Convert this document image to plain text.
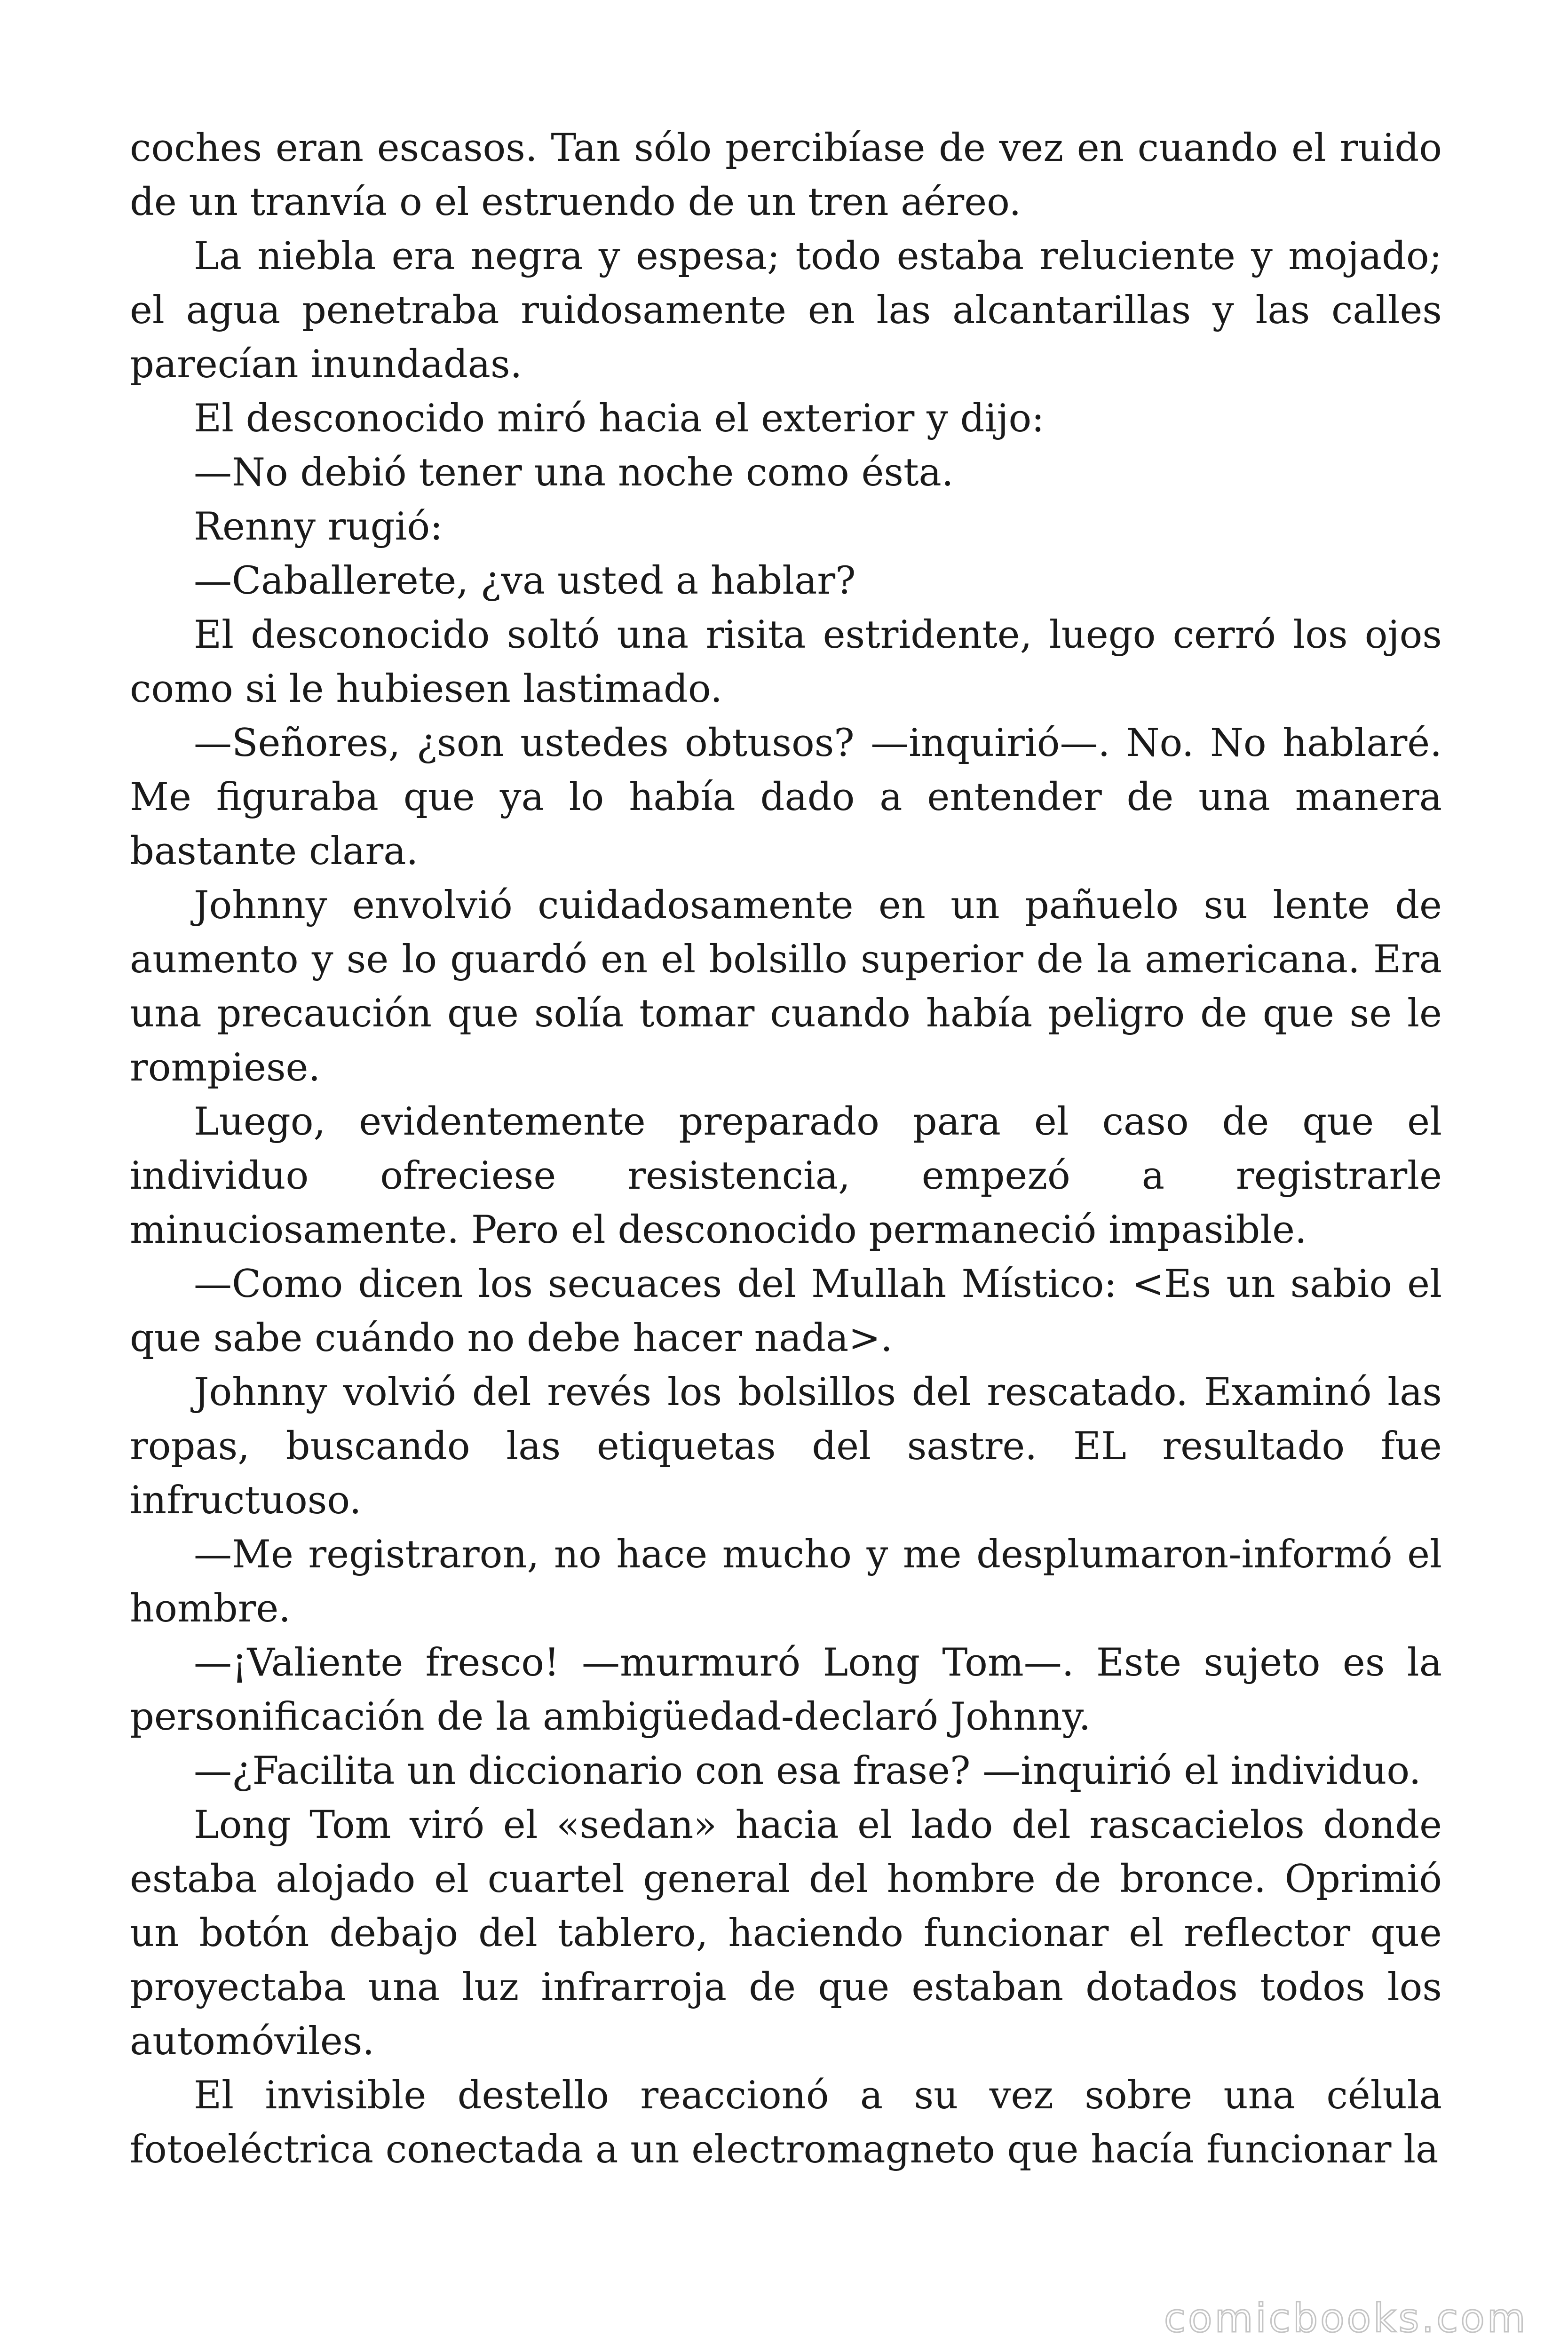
coches eran escasos. Tan sólo percibíase de vez en cuando el ruido de un tranvía o el estruendo de un tren aéreo.

La niebla era negra y espesa; todo estaba reluciente y mojado; el agua penetraba ruidosamente en las alcantarillas y las calles parecían inundadas.

El desconocido miró hacia el exterior y dijo:

—No debió tener una noche como ésta.

Renny rugió:

—Caballerete, ¿va usted a hablar?

El desconocido soltó una risita estridente, luego cerró los ojos como si le hubiesen lastimado.

—Señores, ¿son ustedes obtusos? —inquirió—. No. No hablaré. Me figuraba que ya lo había dado a entender de una manera bastante clara.

Johnny envolvió cuidadosamente en un pañuelo su lente de aumento y se lo guardó en el bolsillo superior de la americana. Era una precaución que solía tomar cuando había peligro de que se le rompiese.

Luego, evidentemente preparado para el caso de que el individuo ofreciese resistencia, empezó a registrarle minuciosamente. Pero el desconocido permaneció impasible.

—Como dicen los secuaces del Mullah Místico: <Es un sabio el que sabe cuándo no debe hacer nada>.

Johnny volvió del revés los bolsillos del rescatado. Examinó las ropas, buscando las etiquetas del sastre. EL resultado fue infructuoso.

—Me registraron, no hace mucho y me desplumaron-informó el hombre.

—¡Valiente fresco! —murmuró Long Tom—. Este sujeto es la personificación de la ambigüedad-declaró Johnny.

—¿Facilita un diccionario con esa frase? —inquirió el individuo.

Long Tom viró el «sedan» hacia el lado del rascacielos donde estaba alojado el cuartel general del hombre de bronce. Oprimió un botón debajo del tablero, haciendo funcionar el reflector que proyectaba una luz infrarroja de que estaban dotados todos los automóviles.

El invisible destello reaccionó a su vez sobre una célula fotoeléctrica conectada a un electromagneto que hacía funcionar la

comicbooks.com
